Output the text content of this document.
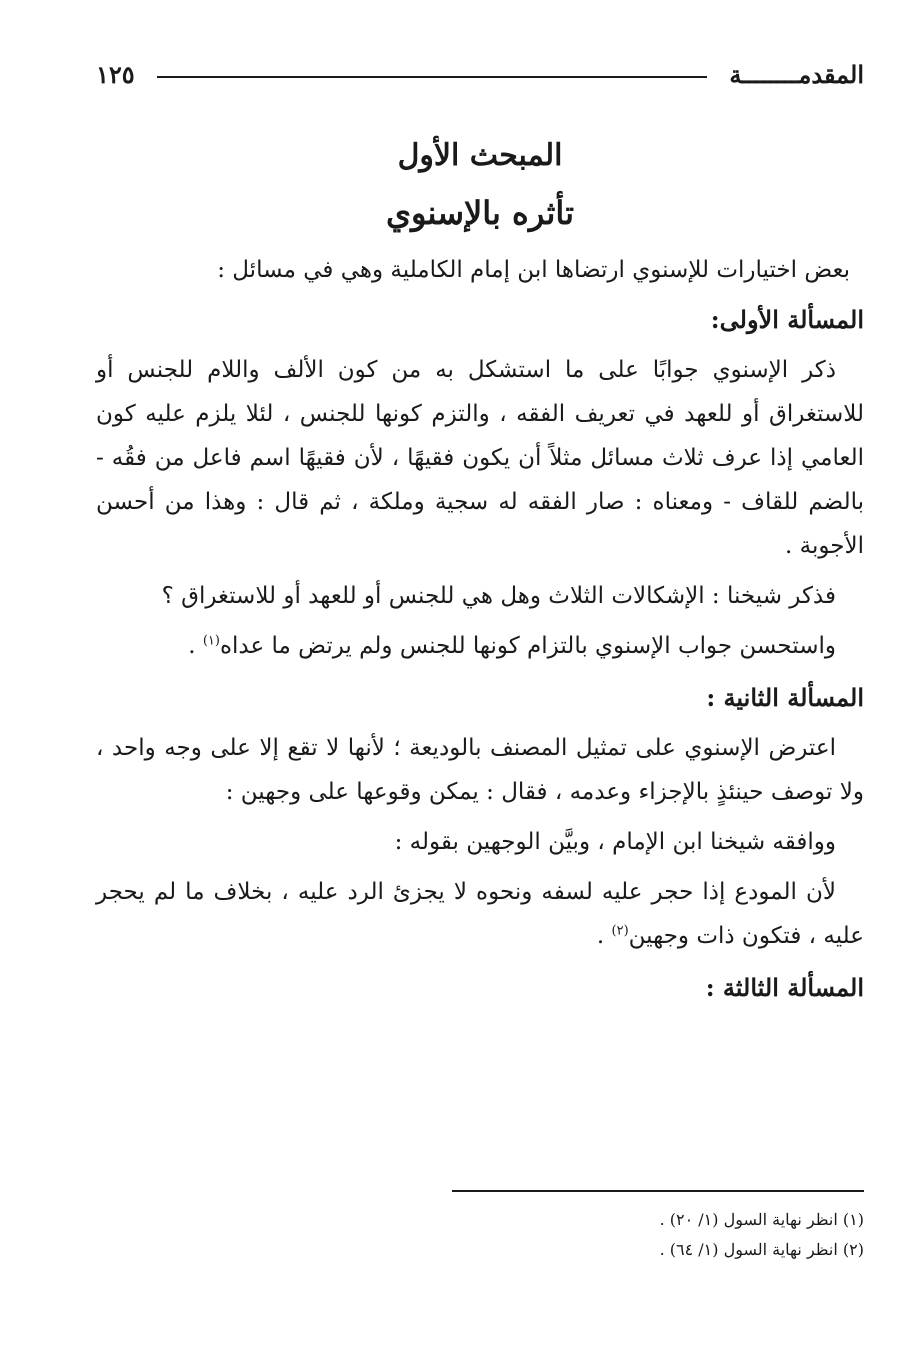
المقدمــــــــة
١٢٥
المبحث الأول
تأثره بالإسنوي

بعض اختيارات للإسنوي ارتضاها ابن إمام الكاملية وهي في مسائل :

المسألة الأولى:

ذكر الإسنوي جوابًا على ما استشكل به من كون الألف واللام للجنس أو للاستغراق أو للعهد في تعريف الفقه ، والتزم كونها للجنس ، لئلا يلزم عليه كون العامي إذا عرف ثلاث مسائل مثلاً أن يكون فقيهًا ، لأن فقيهًا اسم فاعل من فقُه - بالضم للقاف - ومعناه : صار الفقه له سجية وملكة ، ثم قال : وهذا من أحسن الأجوبة .

فذكر شيخنا : الإشكالات الثلاث وهل هي للجنس أو للعهد أو للاستغراق ؟

واستحسن جواب الإسنوي بالتزام كونها للجنس ولم يرتض ما عداه$^{(١)}$ .

المسألة الثانية :

اعترض الإسنوي على تمثيل المصنف بالوديعة ؛ لأنها لا تقع إلا على وجه واحد ، ولا توصف حينئذٍ بالإجزاء وعدمه ، فقال : يمكن وقوعها على وجهين :

ووافقه شيخنا ابن الإمام ، وبيَّن الوجهين بقوله :

لأن المودع إذا حجر عليه لسفه ونحوه لا يجزئ الرد عليه ، بخلاف ما لم يحجر عليه ، فتكون ذات وجهين$^{(٢)}$ .

المسألة الثالثة :

(١) انظر نهاية السول (١/ ٢٠) .

(٢) انظر نهاية السول (١/ ٦٤) .
